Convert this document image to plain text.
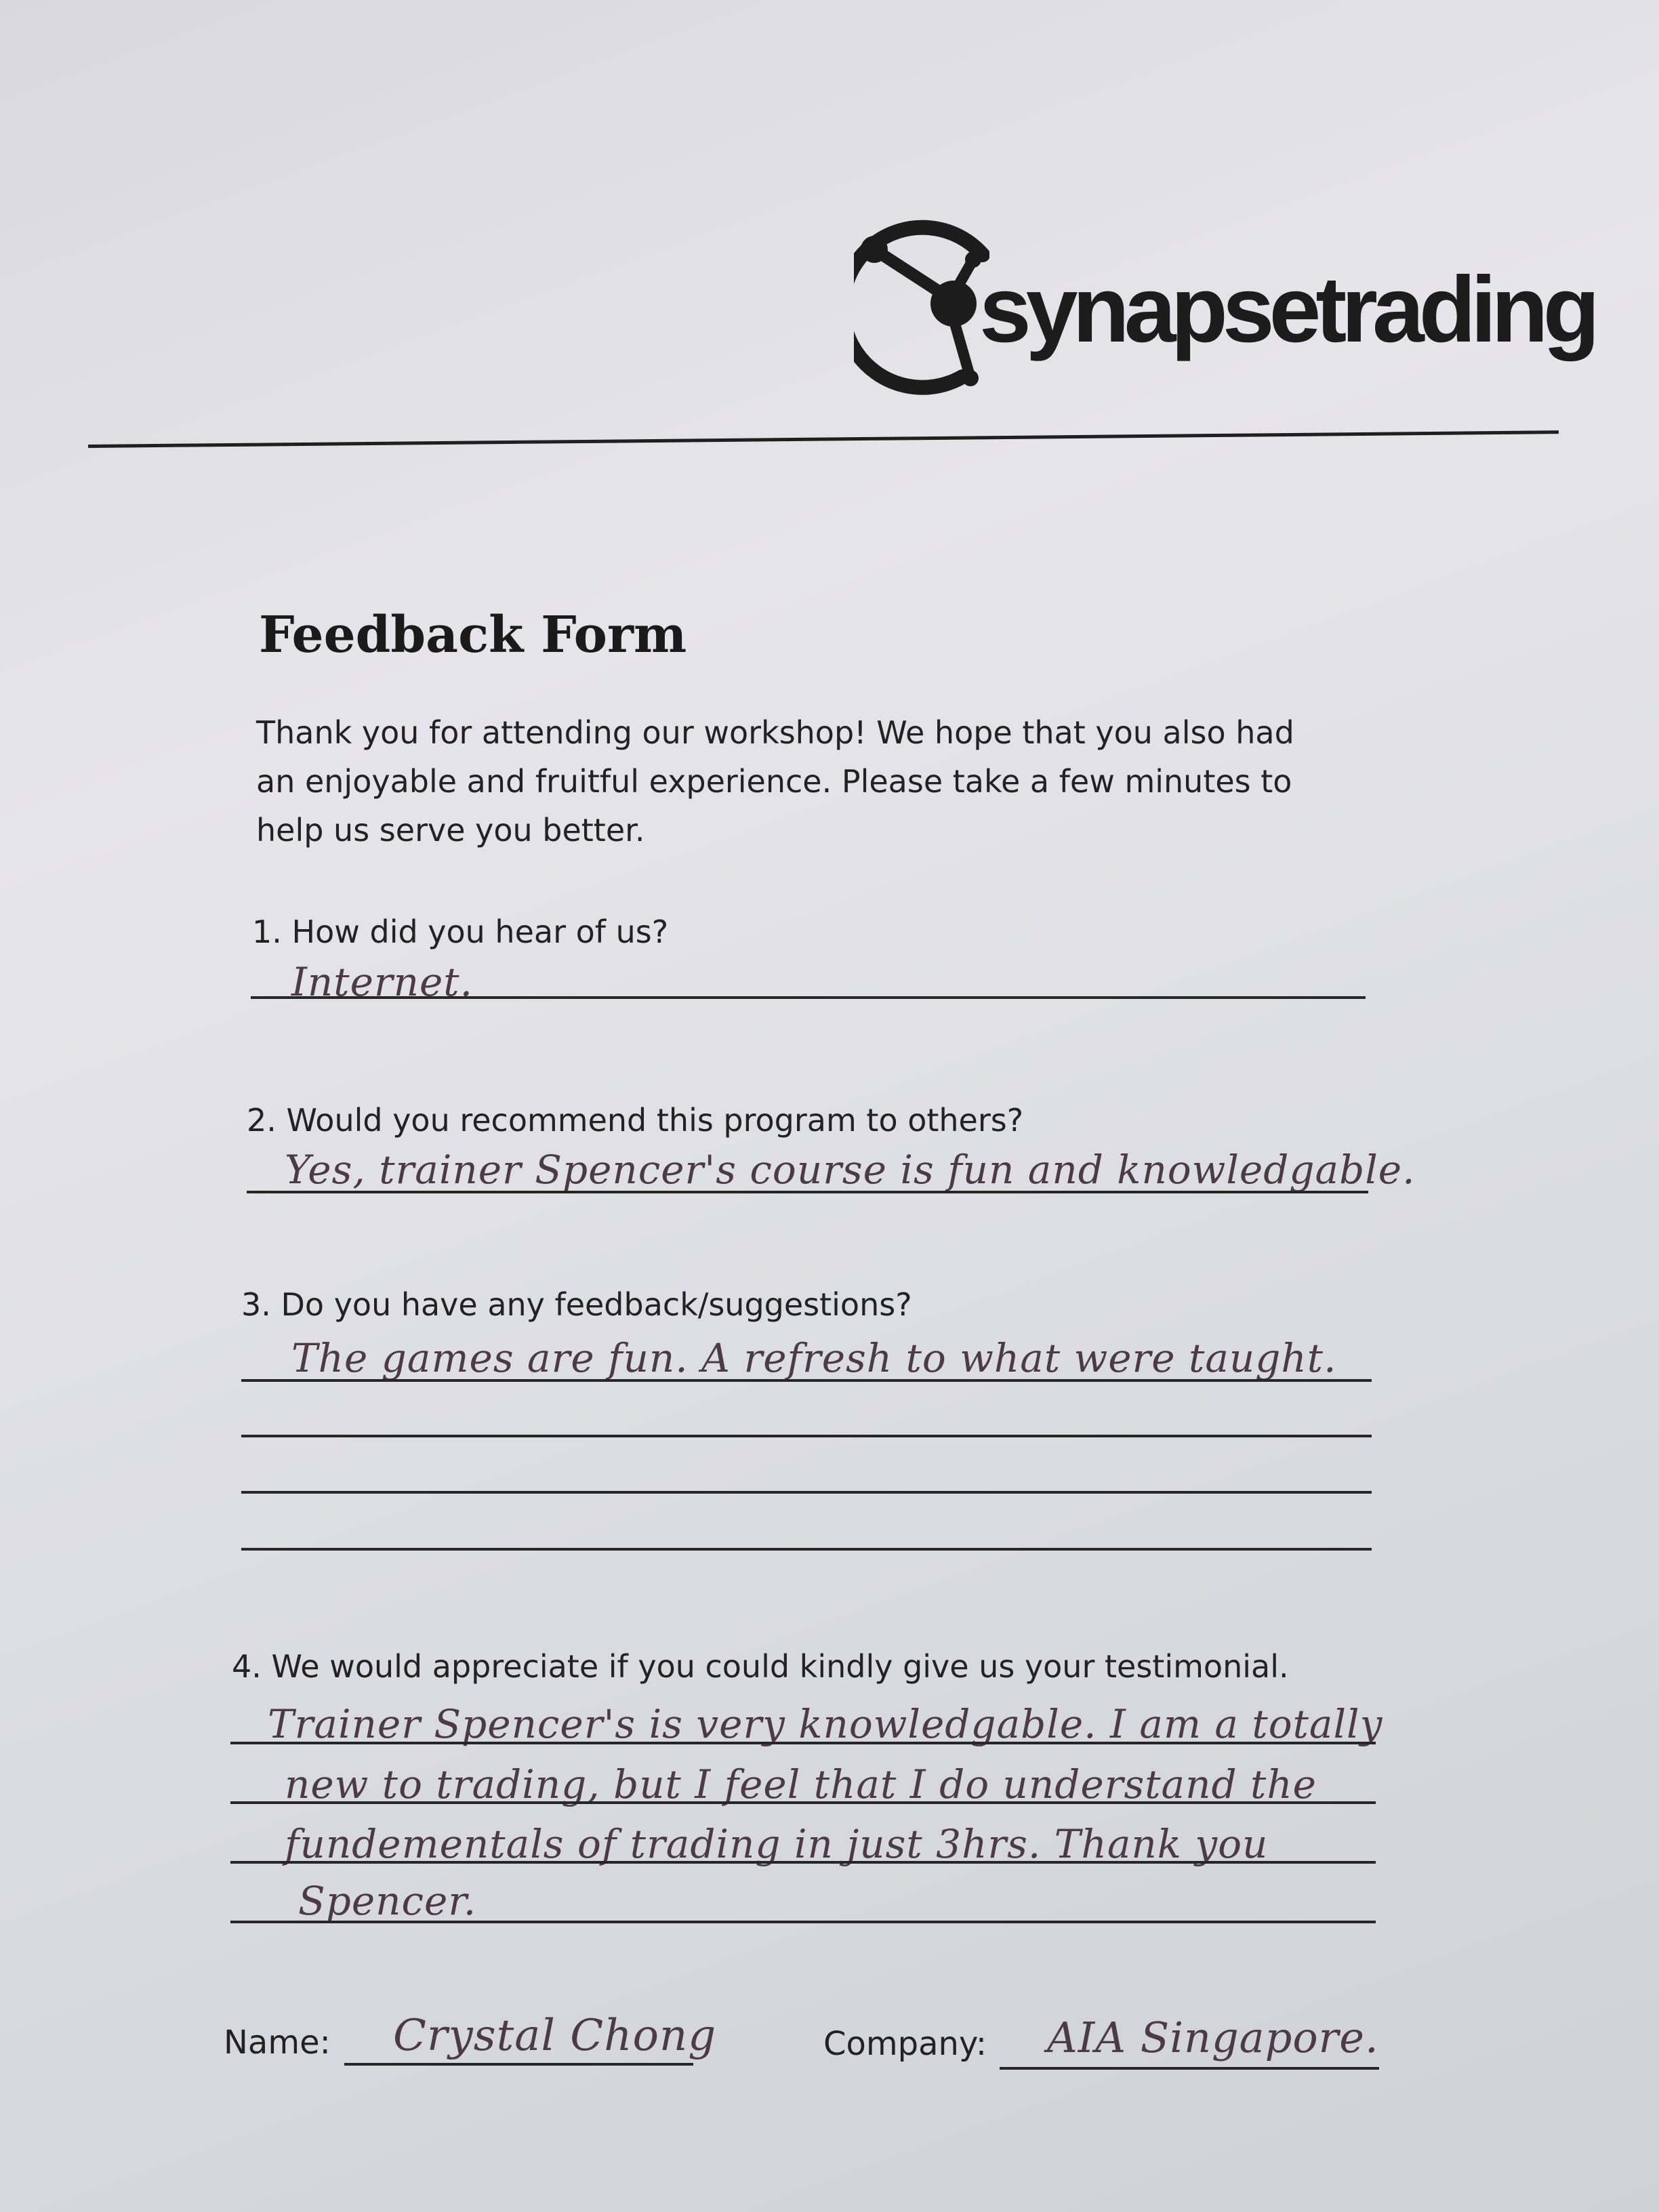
synapsetrading
Feedback Form
Thank you for attending our workshop! We hope that you also had
an enjoyable and fruitful experience. Please take a few minutes to
help us serve you better.
1. How did you hear of us?
Internet.
2. Would you recommend this program to others?
Yes, trainer Spencer's course is fun and knowledgable.
3. Do you have any feedback/suggestions?
The games are fun. A refresh to what were taught.
4. We would appreciate if you could kindly give us your testimonial.
Trainer Spencer's is very knowledgable. I am a totally
new to trading, but I feel that I do understand the
fundementals of trading in just 3hrs. Thank you
Spencer.
Name: Crystal Chong	Company: AIA Singapore.
